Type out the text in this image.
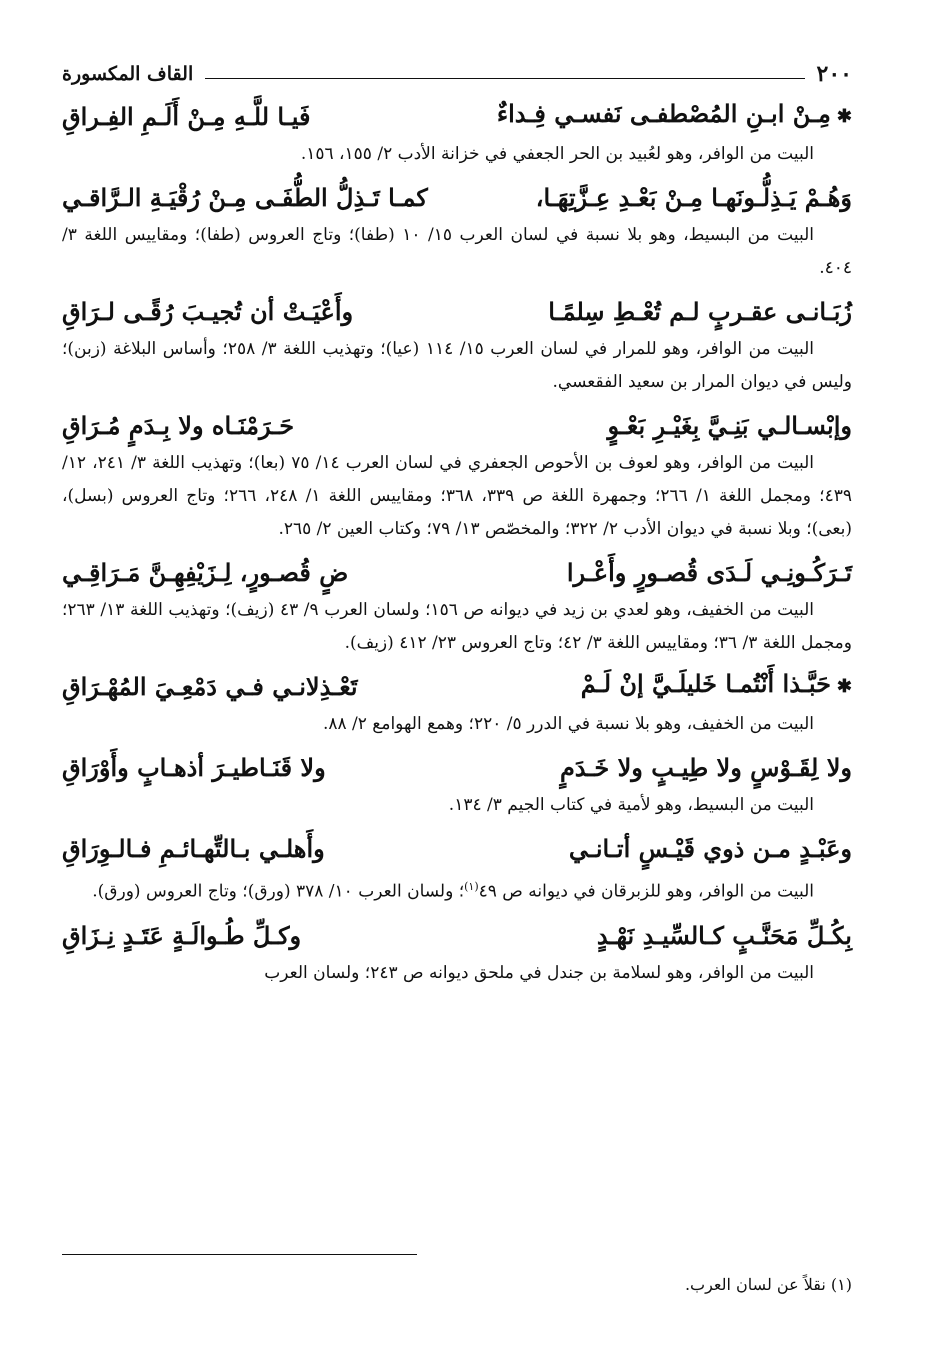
٢٠٠
القاف المكسورة
✱مِـنْ ابـنِ المُصْطفـى نَفسـي فِـداءٌ
فَيـا للَّـهِ مِـنْ أَلَـمِ الفِـراقِ

البيت من الوافر، وهو لعُبيد بن الحر الجعفي في خزانة الأدب ٢/ ١٥٥، ١٥٦.

وَهُـمْ يَـذِلُّـونَهـا مِـنْ بَعْـدِ عِـزَّتِهَـا،
كمـا تَـذِلُّ الطُّفَـى مِـنْ رُقْيَـةِ الـرَّاقـي

البيت من البسيط، وهو بلا نسبة في لسان العرب ١٥/ ١٠ (طفا)؛ وتاج العروس (طفا)؛ ومقاييس اللغة ٣/ ٤٠٤.

زُبَـانـى عقـربٍ لـم تُعْـطِ سِلمًـا
وأَعْيَـتْ أن تُجيـبَ رُقًـى لـرَاقِ

البيت من الوافر، وهو للمرار في لسان العرب ١٥/ ١١٤ (عيا)؛ وتهذيب اللغة ٣/ ٢٥٨؛ وأساس البلاغة (زبن)؛ وليس في ديوان المرار بن سعيد الفقعسي.

وإبْسـالـي بَنِـيَّ بِغَيْـرِ بَعْـوٍ
حَـرَمْنَـاه ولا بِـدَمٍ مُـرَاقِ

البيت من الوافر، وهو لعوف بن الأحوص الجعفري في لسان العرب ١٤/ ٧٥ (بعا)؛ وتهذيب اللغة ٣/ ٢٤١، ١٢/ ٤٣٩؛ ومجمل اللغة ١/ ٢٦٦؛ وجمهرة اللغة ص ٣٣٩، ٣٦٨؛ ومقاييس اللغة ١/ ٢٤٨، ٢٦٦؛ وتاج العروس (بسل)، (بعى)؛ وبلا نسبة في ديوان الأدب ٢/ ٣٢٢؛ والمخصّص ١٣/ ٧٩؛ وكتاب العين ٢/ ٢٦٥.

تَـرَكُـونِـي لَـدَى قُصـورٍ وأَعْـرا
ضٍ قُصـورٍ، لِـزَيْفِهِـنَّ مَـرَاقِـي

البيت من الخفيف، وهو لعدي بن زيد في ديوانه ص ١٥٦؛ ولسان العرب ٩/ ٤٣ (زيف)؛ وتهذيب اللغة ١٣/ ٢٦٣؛ ومجمل اللغة ٣/ ٣٦؛ ومقاييس اللغة ٣/ ٤٢؛ وتاج العروس ٢٣/ ٤١٢ (زيف).

✱حَبَّـذا أَنْتُمـا خَليلَـيَّ إنْ لَـمْ
تَعْـذِلانـي فـي دَمْعِـيَ المُهْـرَاقِ

البيت من الخفيف، وهو بلا نسبة في الدرر ٥/ ٢٢٠؛ وهمع الهوامع ٢/ ٨٨.

ولا لِقَـوْسٍ ولا طِيـبٍ ولا خَـدَمٍ
ولا قَنَـاطيـرَ أذهـابٍ وأَوْرَاقِ

البيت من البسيط، وهو لأمية في كتاب الجيم ٣/ ١٣٤.

وعَبْـدٍ مـن ذوي قَيْـسٍ أتـانـي
وأَهلـي بـالتِّهـائـمِ فـالـوِرَاقِ

البيت من الوافر، وهو للزبرقان في ديوانه ص ٤٩$^{(١)}$؛ ولسان العرب ١٠/ ٣٧٨ (ورق)؛ وتاج العروس (ورق).

بِكُـلِّ مَحَنَّـبٍ كـالسِّيـدِ نَهْـدٍ
وكـلِّ طُـوالَـةٍ عَتَـدٍ نِـزَاقِ

البيت من الوافر، وهو لسلامة بن جندل في ملحق ديوانه ص ٢٤٣؛ ولسان العرب

(١) نقلاً عن لسان العرب.
